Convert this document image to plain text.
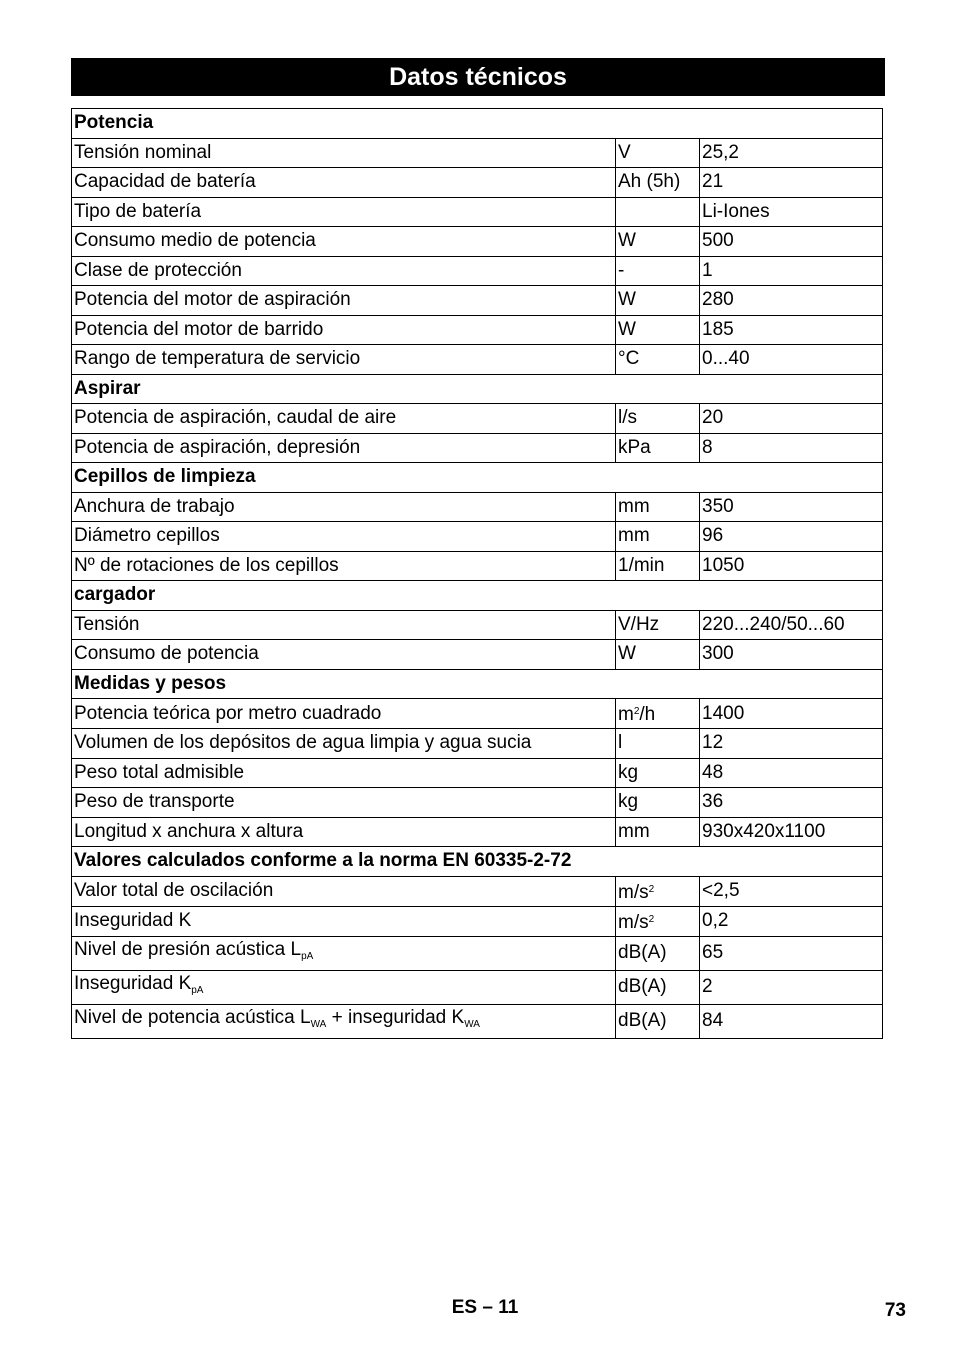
Datos técnicos
Potencia		
Tensión nominal	V	25,2
Capacidad de batería	Ah (5h)	21
Tipo de batería		Li-Iones
Consumo medio de potencia	W	500
Clase de protección	-	1
Potencia del motor de aspiración	W	280
Potencia del motor de barrido	W	185
Rango de temperatura de servicio	°C	0...40
Aspirar		
Potencia de aspiración, caudal de aire	l/s	20
Potencia de aspiración, depresión	kPa	8
Cepillos de limpieza		
Anchura de trabajo	mm	350
Diámetro cepillos	mm	96
Nº de rotaciones de los cepillos	1/min	1050
cargador		
Tensión	V/Hz	220...240/50...60
Consumo de potencia	W	300
Medidas y pesos		
Potencia teórica por metro cuadrado	$m^2/h$	1400
Volumen de los depósitos de agua limpia y agua sucia	l	12
Peso total admisible	kg	48
Peso de transporte	kg	36
Longitud x anchura x altura	mm	930x420x1100
Valores calculados conforme a la norma EN 60335-2-72		
Valor total de oscilación	$m/s^2$	<2,5
Inseguridad K	$m/s^2$	0,2
Nivel de presión acústica $L_{pA}$	dB(A)	65
Inseguridad $K_{pA}$	dB(A)	2
Nivel de potencia acústica $L_{WA}$ + inseguridad $K_{WA}$	dB(A)	84
ES – 11	73
